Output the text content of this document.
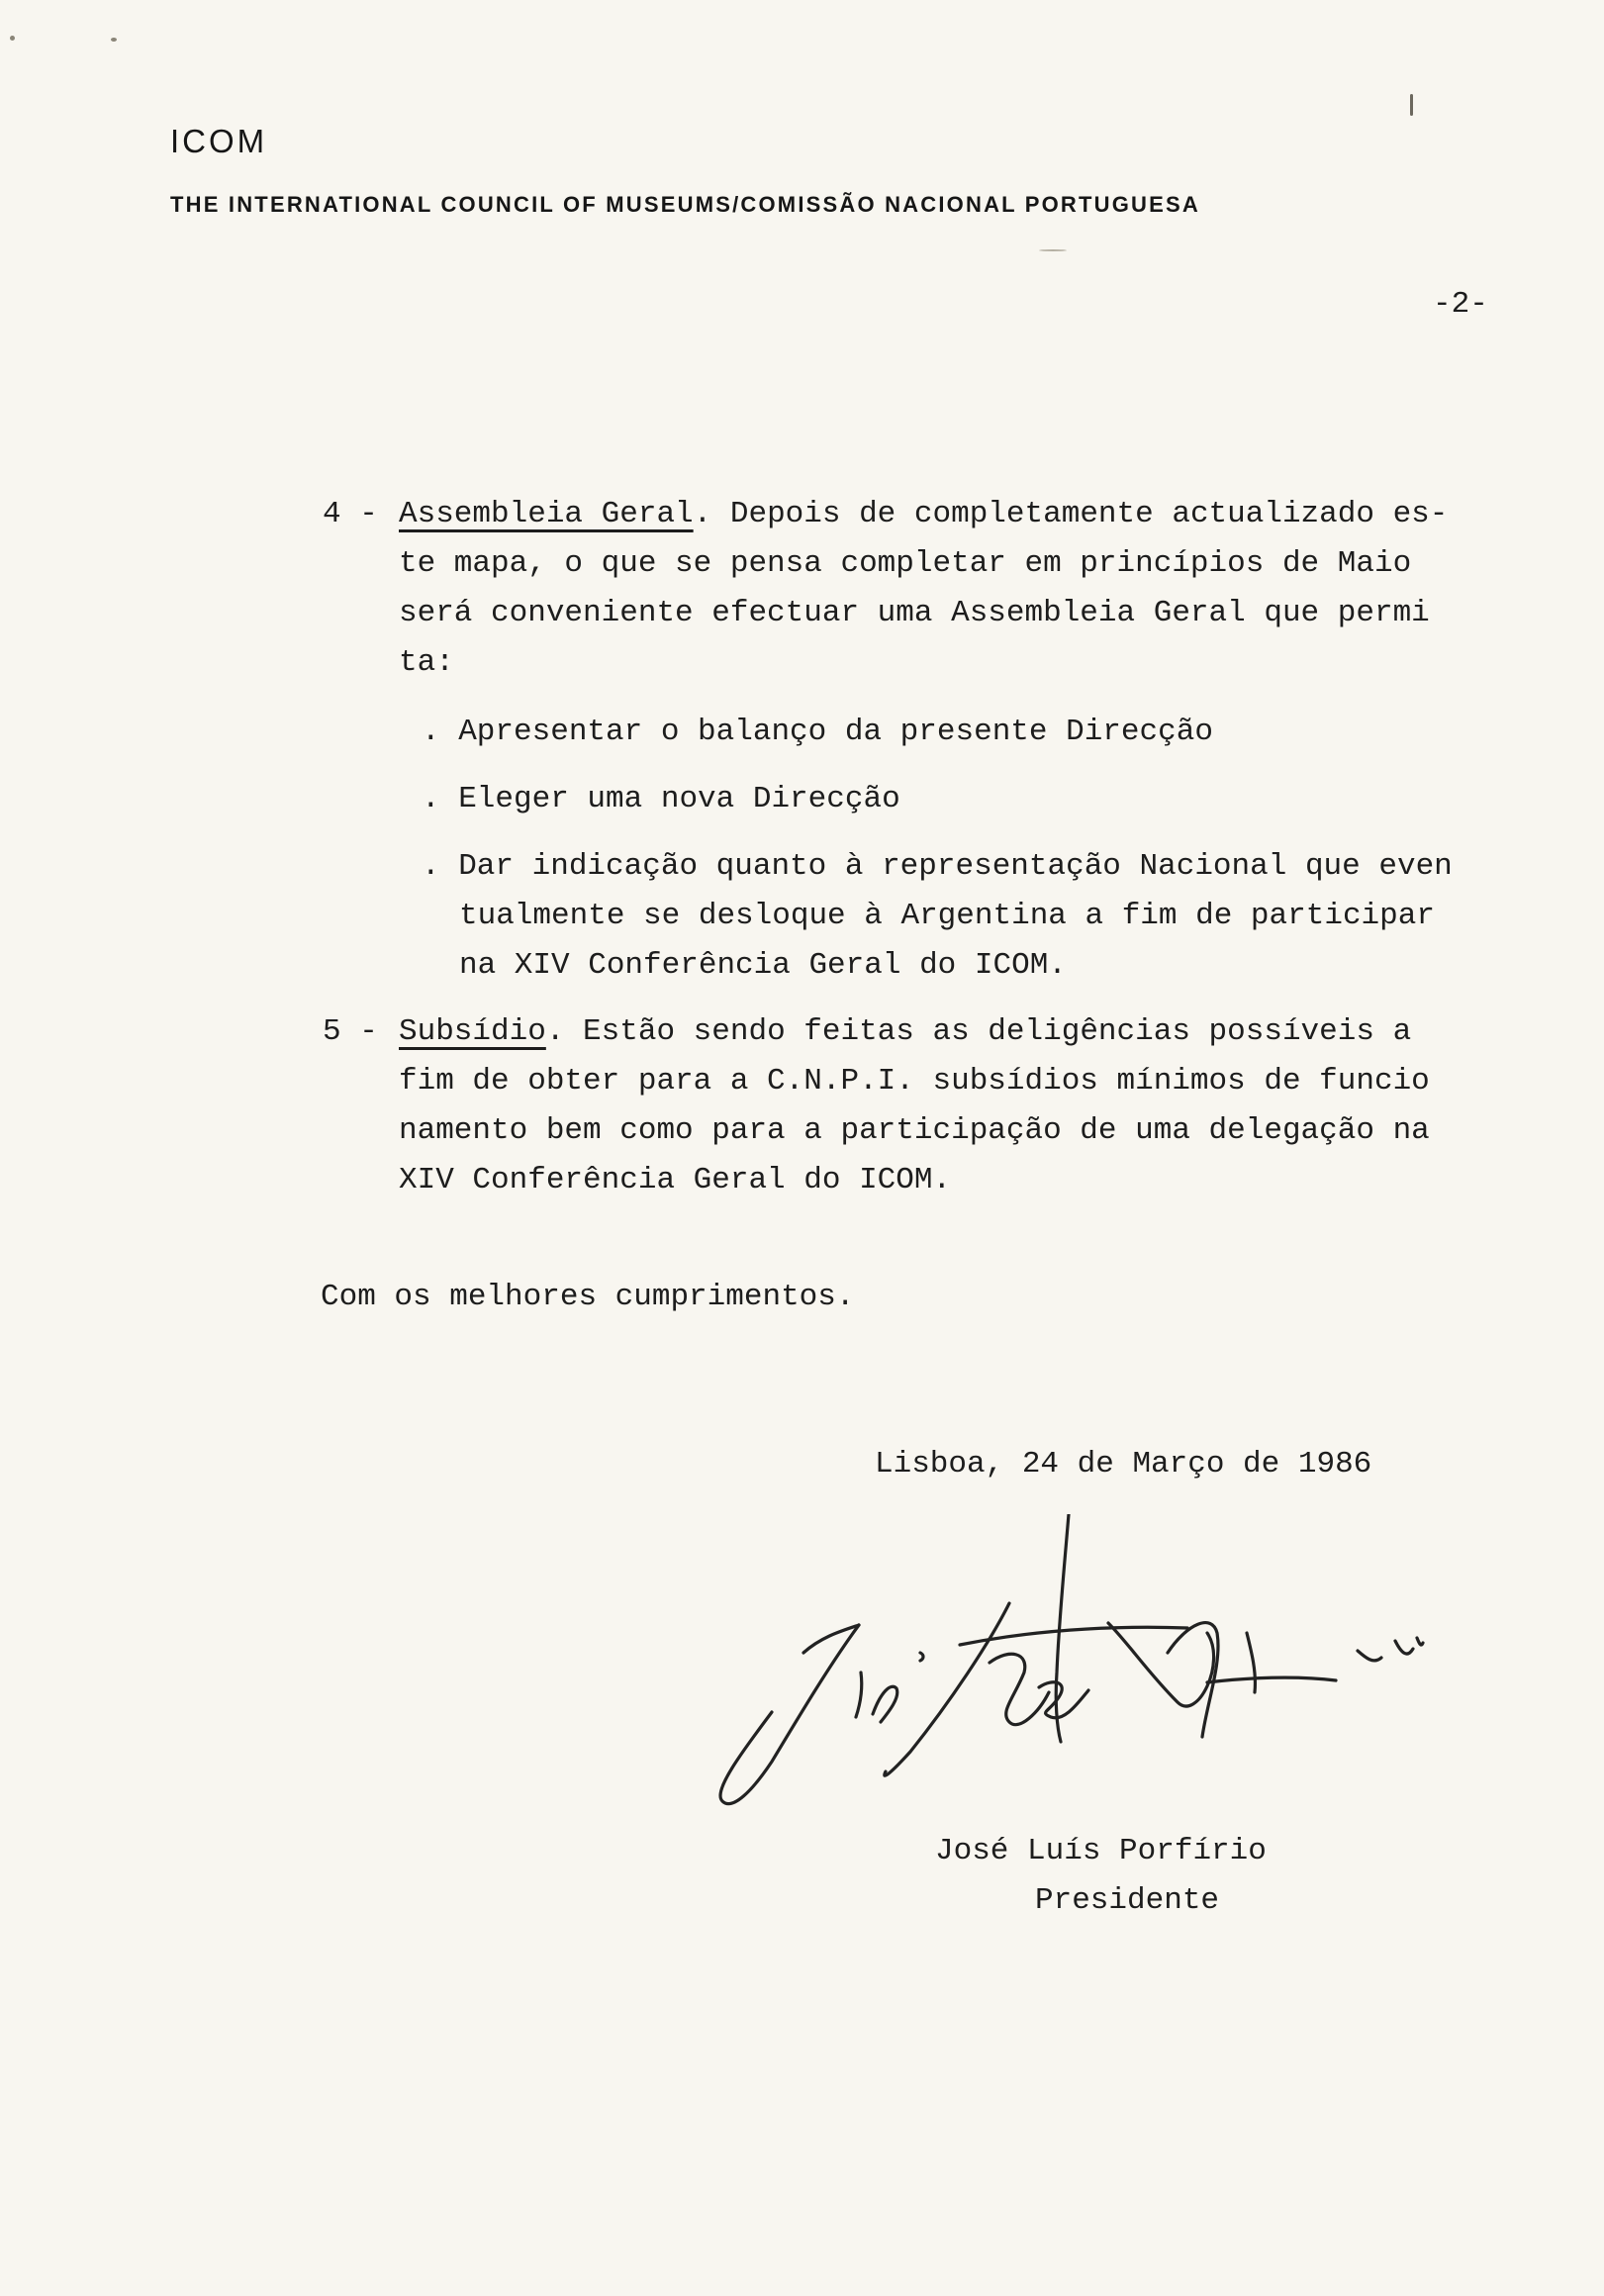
ICOM
THE INTERNATIONAL COUNCIL OF MUSEUMS/COMISSÃO NACIONAL PORTUGUESA
-2-
4 - Assembleia Geral. Depois de completamente actualizado es-
te mapa, o que se pensa completar em princípios de Maio
será conveniente efectuar uma Assembleia Geral que permi
ta:
. Apresentar o balanço da presente Direcção
. Eleger uma nova Direcção
. Dar indicação quanto à representação Nacional que even
tualmente se desloque à Argentina a fim de participar
na XIV Conferência Geral do ICOM.
5 - Subsídio. Estão sendo feitas as deligências possíveis a
fim de obter para a C.N.P.I. subsídios mínimos de funcio
namento bem como para a participação de uma delegação na
XIV Conferência Geral do ICOM.
Com os melhores cumprimentos.
Lisboa, 24 de Março de 1986
José Luís Porfírio
Presidente
